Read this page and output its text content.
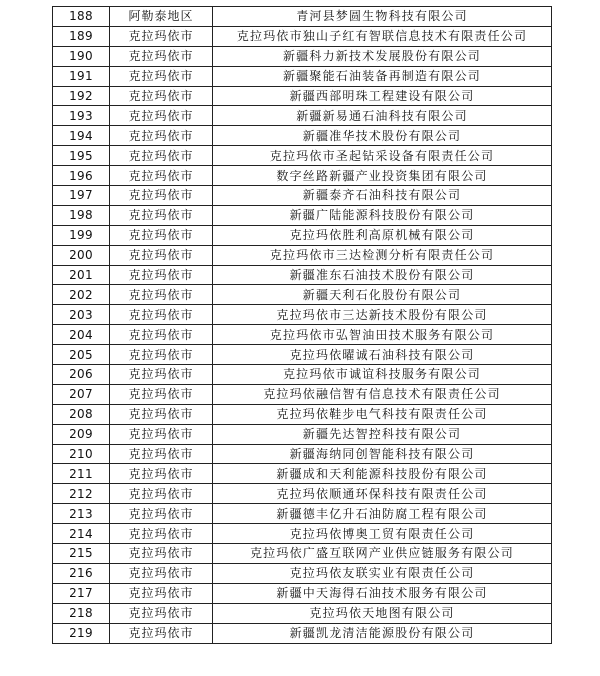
188	阿勒泰地区	青河县梦圆生物科技有限公司
189	克拉玛依市	克拉玛依市独山子红有智联信息技术有限责任公司
190	克拉玛依市	新疆科力新技术发展股份有限公司
191	克拉玛依市	新疆聚能石油装备再制造有限公司
192	克拉玛依市	新疆西部明珠工程建设有限公司
193	克拉玛依市	新疆新易通石油科技有限公司
194	克拉玛依市	新疆准华技术股份有限公司
195	克拉玛依市	克拉玛依市圣起钻采设备有限责任公司
196	克拉玛依市	数字丝路新疆产业投资集团有限公司
197	克拉玛依市	新疆泰齐石油科技有限公司
198	克拉玛依市	新疆广陆能源科技股份有限公司
199	克拉玛依市	克拉玛依胜利高原机械有限公司
200	克拉玛依市	克拉玛依市三达检测分析有限责任公司
201	克拉玛依市	新疆准东石油技术股份有限公司
202	克拉玛依市	新疆天利石化股份有限公司
203	克拉玛依市	克拉玛依市三达新技术股份有限公司
204	克拉玛依市	克拉玛依市弘智油田技术服务有限公司
205	克拉玛依市	克拉玛依曜诚石油科技有限公司
206	克拉玛依市	克拉玛依市诚谊科技服务有限公司
207	克拉玛依市	克拉玛依融信智有信息技术有限责任公司
208	克拉玛依市	克拉玛依鞋步电气科技有限责任公司
209	克拉玛依市	新疆先达智控科技有限公司
210	克拉玛依市	新疆海纳同创智能科技有限公司
211	克拉玛依市	新疆成和天利能源科技股份有限公司
212	克拉玛依市	克拉玛依顺通环保科技有限责任公司
213	克拉玛依市	新疆德丰亿升石油防腐工程有限公司
214	克拉玛依市	克拉玛依博奥工贸有限责任公司
215	克拉玛依市	克拉玛依广盛互联网产业供应链服务有限公司
216	克拉玛依市	克拉玛依友联实业有限责任公司
217	克拉玛依市	新疆中天海得石油技术服务有限公司
218	克拉玛依市	克拉玛依天地图有限公司
219	克拉玛依市	新疆凯龙清洁能源股份有限公司
